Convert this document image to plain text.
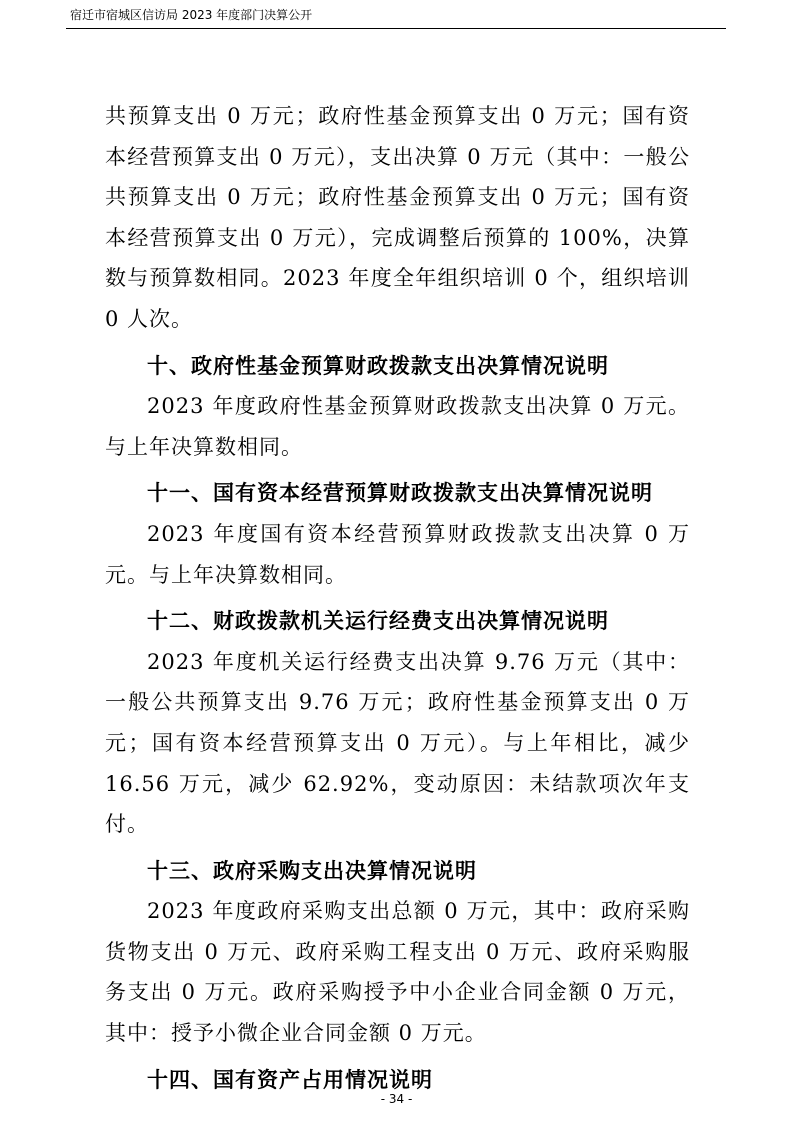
宿迁市宿城区信访局 2023 年度部门决算公开

共预算支出 0 万元；政府性基金预算支出 0 万元；国有资本经营预算支出 0 万元），支出决算 0 万元（其中：一般公共预算支出 0 万元；政府性基金预算支出 0 万元；国有资本经营预算支出 0 万元），完成调整后预算的 100%，决算数与预算数相同。2023 年度全年组织培训 0 个，组织培训 0 人次。

十、政府性基金预算财政拨款支出决算情况说明

2023 年度政府性基金预算财政拨款支出决算 0 万元。与上年决算数相同。

十一、国有资本经营预算财政拨款支出决算情况说明

2023 年度国有资本经营预算财政拨款支出决算 0 万元。与上年决算数相同。

十二、财政拨款机关运行经费支出决算情况说明

2023 年度机关运行经费支出决算 9.76 万元（其中：一般公共预算支出 9.76 万元；政府性基金预算支出 0 万元；国有资本经营预算支出 0 万元）。与上年相比，减少 16.56 万元，减少 62.92%，变动原因：未结款项次年支付。

十三、政府采购支出决算情况说明

2023 年度政府采购支出总额 0 万元，其中：政府采购货物支出 0 万元、政府采购工程支出 0 万元、政府采购服务支出 0 万元。政府采购授予中小企业合同金额 0 万元，其中：授予小微企业合同金额 0 万元。

十四、国有资产占用情况说明
- 34 -
